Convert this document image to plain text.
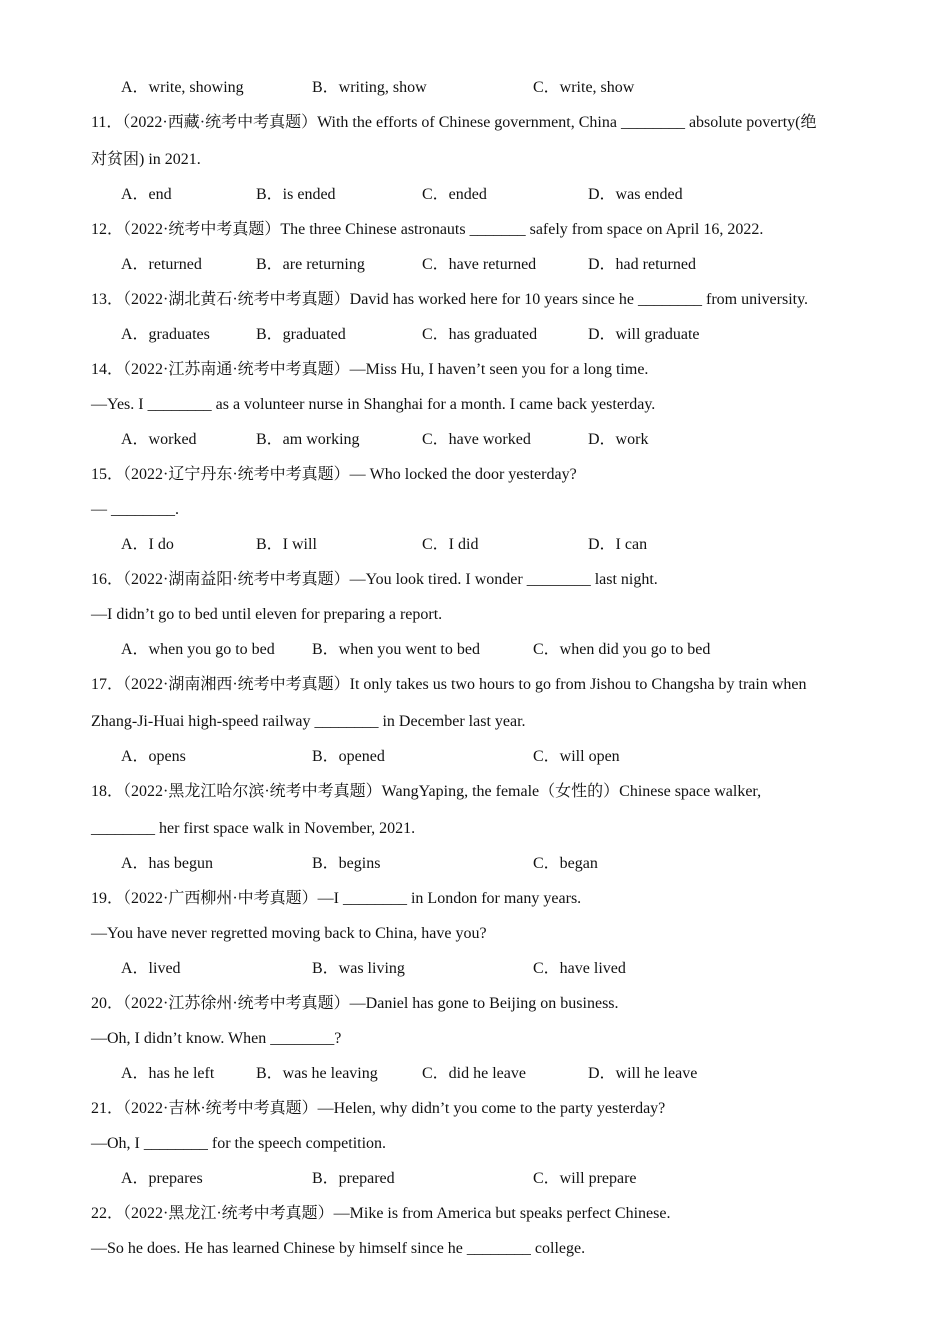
A．write, showing	B．writing, show	C．write, show
11．（2022·西藏·统考中考真题）With the efforts of Chinese government, China ________ absolute poverty(绝
对贫困) in 2021.
A．end	B．is ended	C．ended	D．was ended
12．（2022·统考中考真题）The three Chinese astronauts _______ safely from space on April 16, 2022.
A．returned	B．are returning	C．have returned	D．had returned
13．（2022·湖北黄石·统考中考真题）David has worked here for 10 years since he ________ from university.
A．graduates	B．graduated	C．has graduated	D．will graduate
14．（2022·江苏南通·统考中考真题）—Miss Hu, I haven’t seen you for a long time.
—Yes. I ________ as a volunteer nurse in Shanghai for a month. I came back yesterday.
A．worked	B．am working	C．have worked	D．work
15．（2022·辽宁丹东·统考中考真题）— Who locked the door yesterday?
— ________.
A．I do	B．I will	C．I did	D．I can
16．（2022·湖南益阳·统考中考真题）—You look tired. I wonder ________ last night.
—I didn’t go to bed until eleven for preparing a report.
A．when you go to bed B．when you went to bed	C．when did you go to bed
17．（2022·湖南湘西·统考中考真题）It only takes us two hours to go from Jishou to Changsha by train when
Zhang-Ji-Huai high-speed railway ________ in December last year.
A．opens	B．opened	C．will open
18．（2022·黑龙江哈尔滨·统考中考真题）WangYaping, the female（女性的）Chinese space walker,
________ her first space walk in November, 2021.
A．has begun	B．begins	C．began
19．（2022·广西柳州·中考真题）—I ________ in London for many years.
—You have never regretted moving back to China, have you?
A．lived	B．was living	C．have lived
20．（2022·江苏徐州·统考中考真题）—Daniel has gone to Beijing on business.
—Oh, I didn’t know. When ________?
A．has he left	B．was he leaving	C．did he leave	D．will he leave
21．（2022·吉林·统考中考真题）—Helen, why didn’t you come to the party yesterday?
—Oh, I ________ for the speech competition.
A．prepares	B．prepared	C．will prepare
22．（2022·黑龙江·统考中考真题）—Mike is from America but speaks perfect Chinese.
—So he does. He has learned Chinese by himself since he ________ college.
